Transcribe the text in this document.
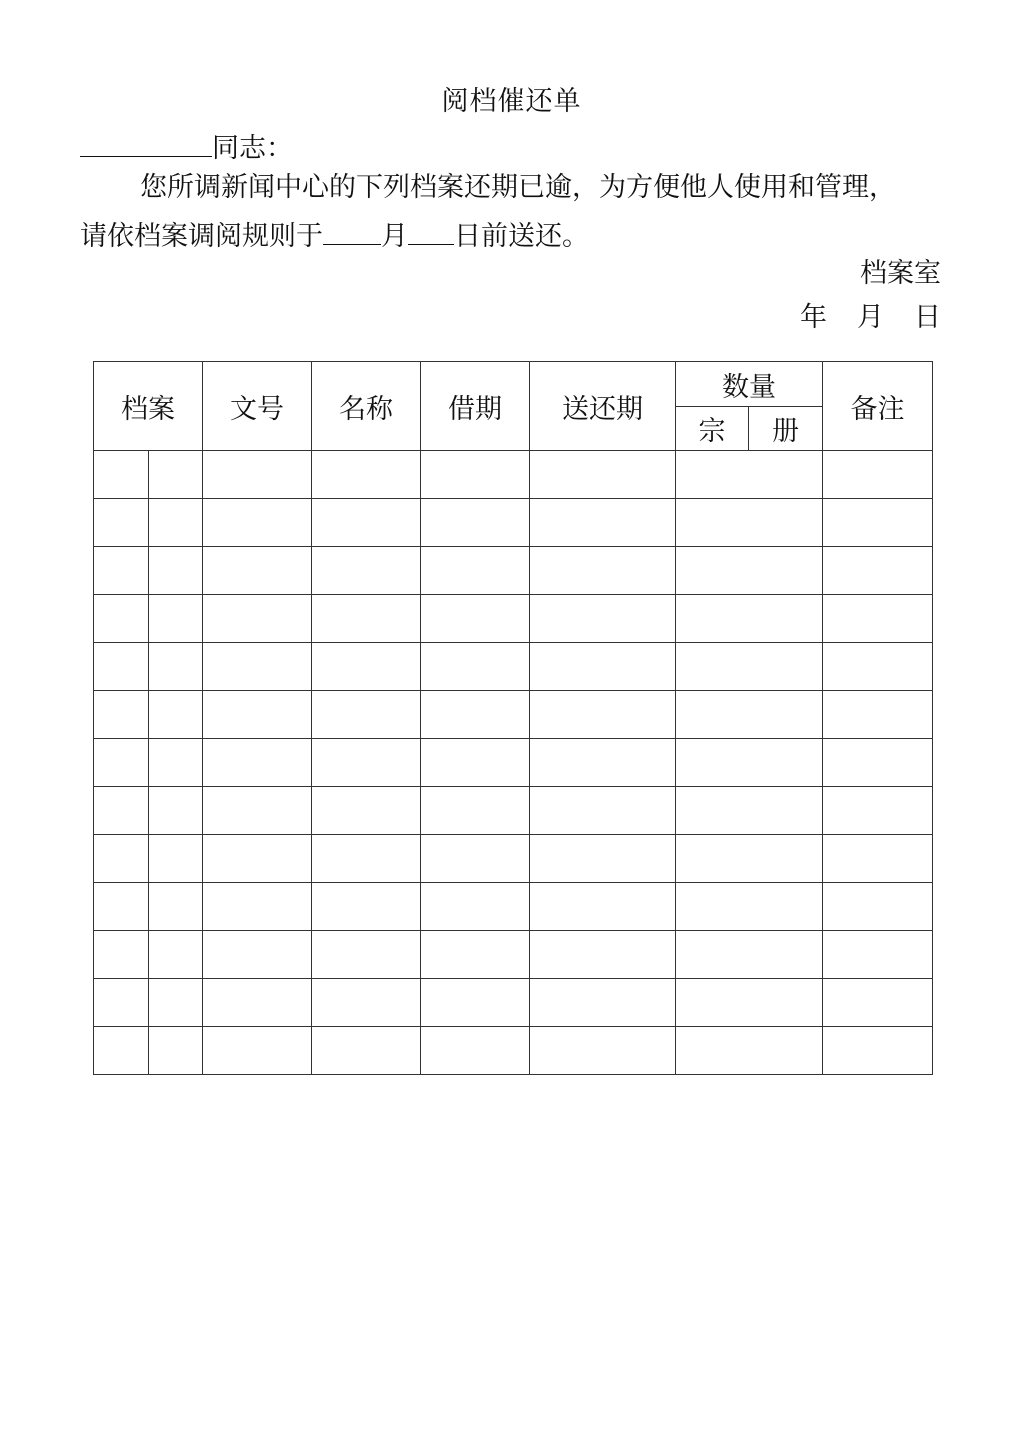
阅档催还单
同志：
您所调新闻中心的下列档案还期已逾，为方便他人使用和管理，
请依档案调阅规则于 月 日前送还。
档案室
年 月 日
档案		文号	名称	借期	送还期	数量		备注
						宗	册	
